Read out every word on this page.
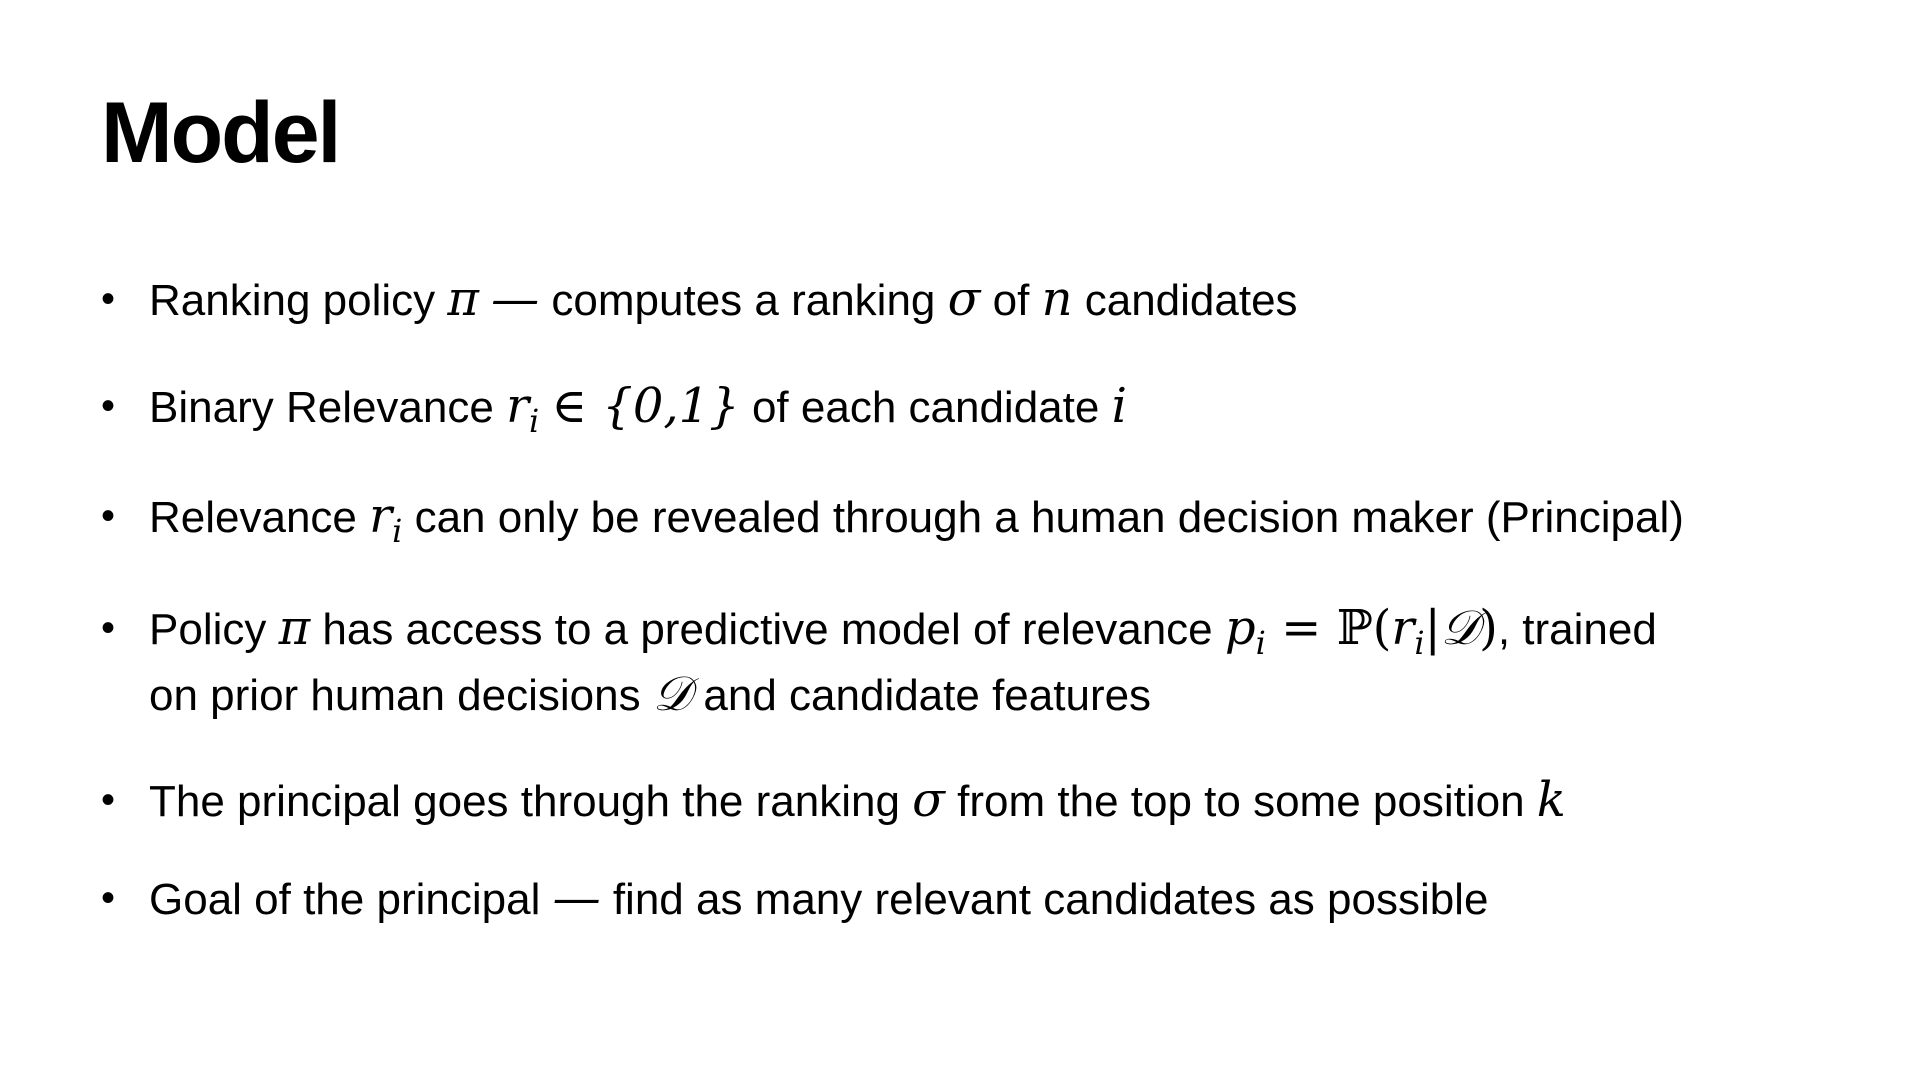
Model
• Ranking policy π — computes a ranking σ of n candidates
• Binary Relevance $r_i$ ∈ {0,1} of each candidate i
• Relevance $r_i$ can only be revealed through a human decision maker (Principal)
• Policy π has access to a predictive model of relevance $p_i$ = $ℙ(r_i|𝒟)$, trained
on prior human decisions 𝒟 and candidate features
• The principal goes through the ranking σ from the top to some position k
• Goal of the principal — find as many relevant candidates as possible
